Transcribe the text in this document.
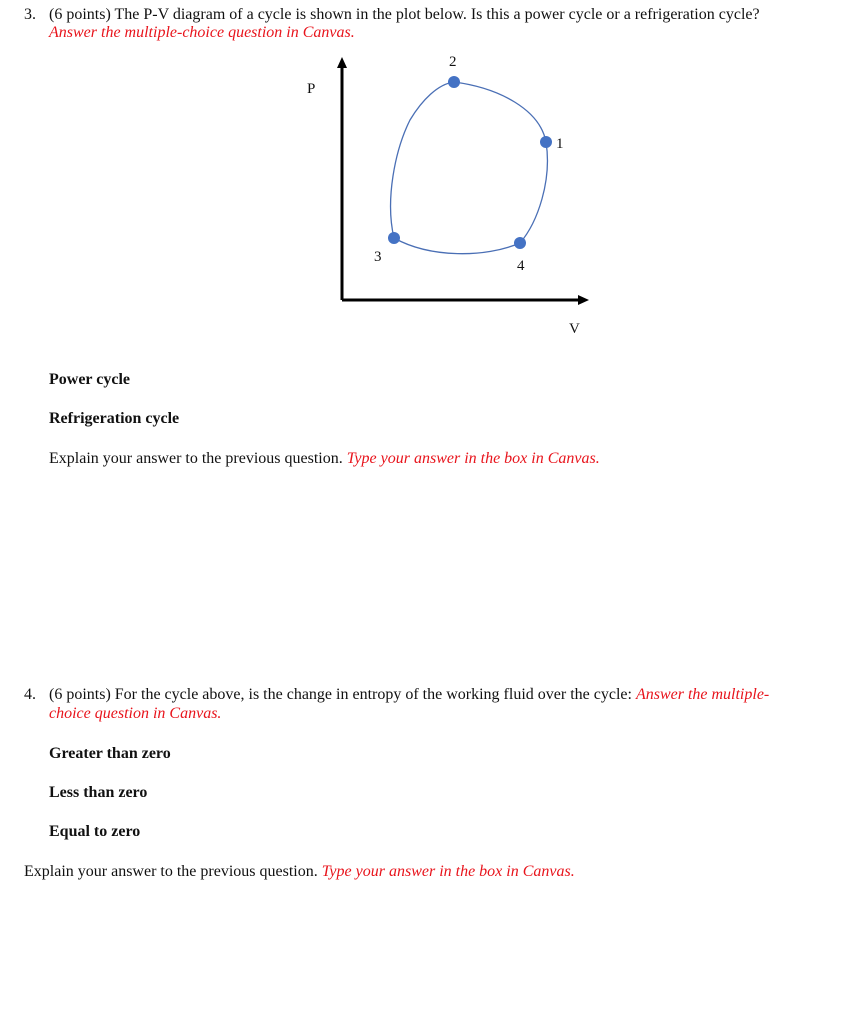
3. (6 points) The P-V diagram of a cycle is shown in the plot below. Is this a power cycle or a refrigeration cycle?
Answer the multiple-choice question in Canvas.
P
V
1
2
3
4
Power cycle
Refrigeration cycle
Explain your answer to the previous question. Type your answer in the box in Canvas.
4. (6 points) For the cycle above, is the change in entropy of the working fluid over the cycle: Answer the multiple-
choice question in Canvas.
Greater than zero
Less than zero
Equal to zero
Explain your answer to the previous question. Type your answer in the box in Canvas.
